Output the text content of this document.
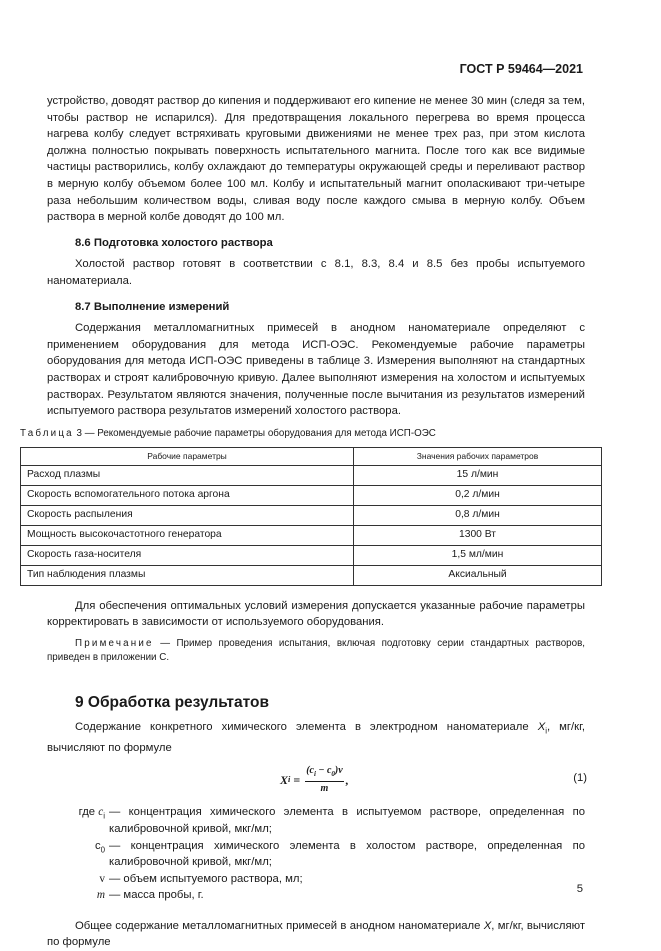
ГОСТ Р 59464—2021

устройство, доводят раствор до кипения и поддерживают его кипение не менее 30 мин (следя за тем, чтобы раствор не испарился). Для предотвращения локального перегрева во время процесса нагрева колбу следует встряхивать круговыми движениями не менее трех раз, при этом кислота должна полностью покрывать поверхность испытательного магнита. После того как все видимые частицы растворились, колбу охлаждают до температуры окружающей среды и переливают раствор в мерную колбу объемом более 100 мл. Колбу и испытательный магнит ополаскивают три-четыре раза небольшим количеством воды, сливая воду после каждого смыва в мерную колбу. Объем раствора в мерной колбе доводят до 100 мл.

8.6 Подготовка холостого раствора

Холостой раствор готовят в соответствии с 8.1, 8.3, 8.4 и 8.5 без пробы испытуемого наноматериала.

8.7 Выполнение измерений

Содержания металломагнитных примесей в анодном наноматериале определяют с применением оборудования для метода ИСП-ОЭС. Рекомендуемые рабочие параметры оборудования для метода ИСП-ОЭС приведены в таблице 3. Измерения выполняют на стандартных растворах и строят калибровочную кривую. Далее выполняют измерения на холостом и испытуемых растворах. Результатом являются значения, полученные после вычитания из результатов измерений испытуемого раствора результатов измерений холостого раствора.

Таблица 3 — Рекомендуемые рабочие параметры оборудования для метода ИСП-ОЭС

Рабочие параметры	Значения рабочих параметров
Расход плазмы	15 л/мин
Скорость вспомогательного потока аргона	0,2 л/мин
Скорость распыления	0,8 л/мин
Мощность высокочастотного генератора	1300 Вт
Скорость газа-носителя	1,5 мл/мин
Тип наблюдения плазмы	Аксиальный

Для обеспечения оптимальных условий измерения допускается указанные рабочие параметры корректировать в зависимости от используемого оборудования.

Примечание — Пример проведения испытания, включая подготовку серии стандартных растворов, приведен в приложении С.

9 Обработка результатов

Содержание конкретного химического элемента в электродном наноматериале $X_i$, мг/кг, вычисляют по формуле

X $i = \frac{(c_i - c_0)v}{m}$ ,	(1)
где $c_i$ — концентрация химического элемента в испытуемом растворе, определенная по калибровочной кривой, мкг/мл;
$c_0$ — концентрация химического элемента в холостом растворе, определенная по калибровочной кривой, мкг/мл;
v — объем испытуемого раствора, мл;
m — масса пробы, г.

Общее содержание металломагнитных примесей в анодном наноматериале X, мг/кг, вычисляют по формуле

5
